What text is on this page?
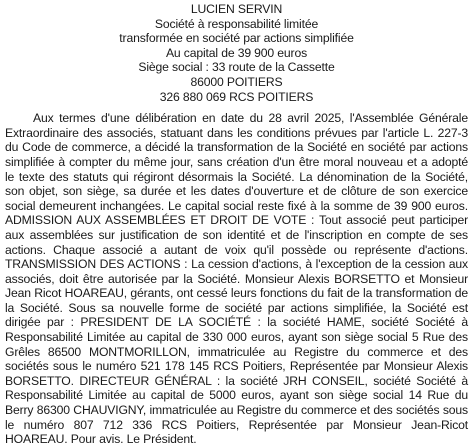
LUCIEN SERVIN
Société à responsabilité limitée
transformée en société par actions simplifiée
Au capital de 39 900 euros
Siège social : 33 route de la Cassette
86000 POITIERS
326 880 069 RCS POITIERS

Aux termes d'une délibération en date du 28 avril 2025, l'Assemblée Générale Extraordinaire des associés, statuant dans les conditions prévues par l'article L. 227-3 du Code de commerce, a décidé la transformation de la Société en société par actions simplifiée à compter du même jour, sans création d'un être moral nouveau et a adopté le texte des statuts qui régiront désormais la Société. La dénomination de la Société, son objet, son siège, sa durée et les dates d'ouverture et de clôture de son exercice social demeurent inchangées. Le capital social reste fixé à la somme de 39 900 euros. ADMISSION AUX ASSEMBLÉES ET DROIT DE VOTE : Tout associé peut participer aux assemblées sur justification de son identité et de l'inscription en compte de ses actions. Chaque associé a autant de voix qu'il possède ou représente d'actions. TRANSMISSION DES ACTIONS : La cession d'actions, à l'exception de la cession aux associés, doit être autorisée par la Société. Monsieur Alexis BORSETTO et Monsieur Jean Ricot HOAREAU, gérants, ont cessé leurs fonctions du fait de la transformation de la Société. Sous sa nouvelle forme de société par actions simplifiée, la Société est dirigée par : PRESIDENT DE LA SOCIÉTÉ : la société HAME, société Société à Responsabilité Limitée au capital de 330 000 euros, ayant son siège social 5 Rue des Grêles 86500 MONTMORILLON, immatriculée au Registre du commerce et des sociétés sous le numéro 521 178 145 RCS Poitiers, Représentée par Monsieur Alexis BORSETTO. DIRECTEUR GÉNÉRAL : la société JRH CONSEIL, société Société à Responsabilité Limitée au capital de 5000 euros, ayant son siège social 14 Rue du Berry 86300 CHAUVIGNY, immatriculée au Registre du commerce et des sociétés sous le numéro 807 712 336 RCS Poitiers, Représentée par Monsieur Jean-Ricot HOAREAU. Pour avis. Le Président.
